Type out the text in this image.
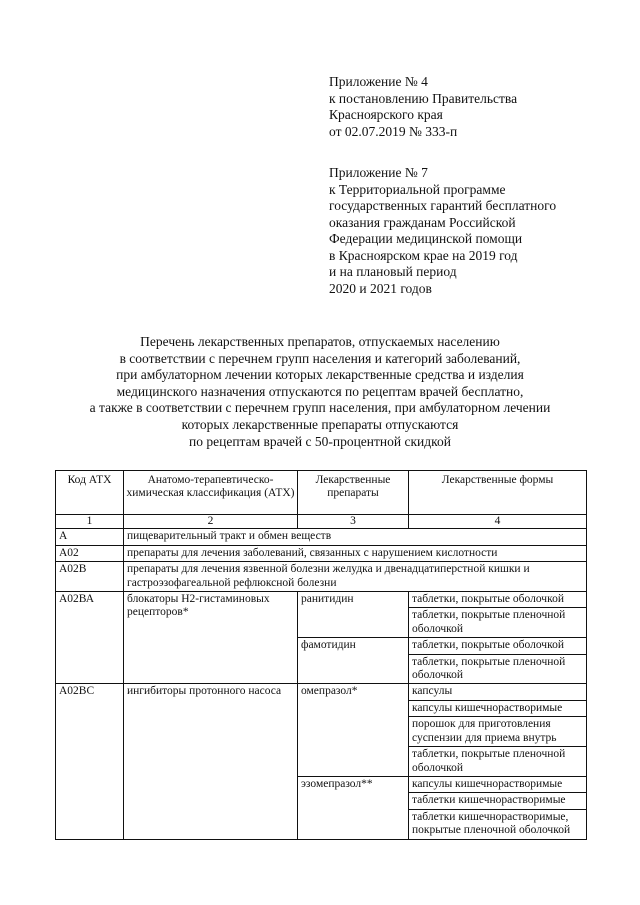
Приложение № 4
к постановлению Правительства
Красноярского края
от 02.07.2019 № 333-п
Приложение № 7
к Территориальной программе
государственных гарантий бесплатного
оказания гражданам Российской
Федерации медицинской помощи
в Красноярском крае на 2019 год
и на плановый период
2020 и 2021 годов
Перечень лекарственных препаратов, отпускаемых населению
в соответствии с перечнем групп населения и категорий заболеваний,
при амбулаторном лечении которых лекарственные средства и изделия
медицинского назначения отпускаются по рецептам врачей бесплатно,
а также в соответствии с перечнем групп населения, при амбулаторном лечении
которых лекарственные препараты отпускаются
по рецептам врачей с 50-процентной скидкой
Код АТХ	Анатомо-терапевтическо-химическая классификация (АТХ)	Лекарственные препараты	Лекарственные формы
1	2	3	4
А	пищеварительный тракт и обмен веществ		
А02	препараты для лечения заболеваний, связанных с нарушением кислотности		
А02В	препараты для лечения язвенной болезни желудка и двенадцатиперстной кишки и гастроэзофагеальной рефлюксной болезни		
А02ВА	блокаторы Н2-гистаминовых рецепторов*	ранитидин	таблетки, покрытые оболочкой
			таблетки, покрытые пленочной оболочкой
		фамотидин	таблетки, покрытые оболочкой
			таблетки, покрытые пленочной оболочкой
А02ВС	ингибиторы протонного насоса	омепразол*	капсулы
			капсулы кишечнорастворимые
			порошок для приготовления суспензии для приема внутрь
			таблетки, покрытые пленочной оболочкой
		эзомепразол**	капсулы кишечнорастворимые
			таблетки кишечнорастворимые
			таблетки кишечнорастворимые, покрытые пленочной оболочкой
